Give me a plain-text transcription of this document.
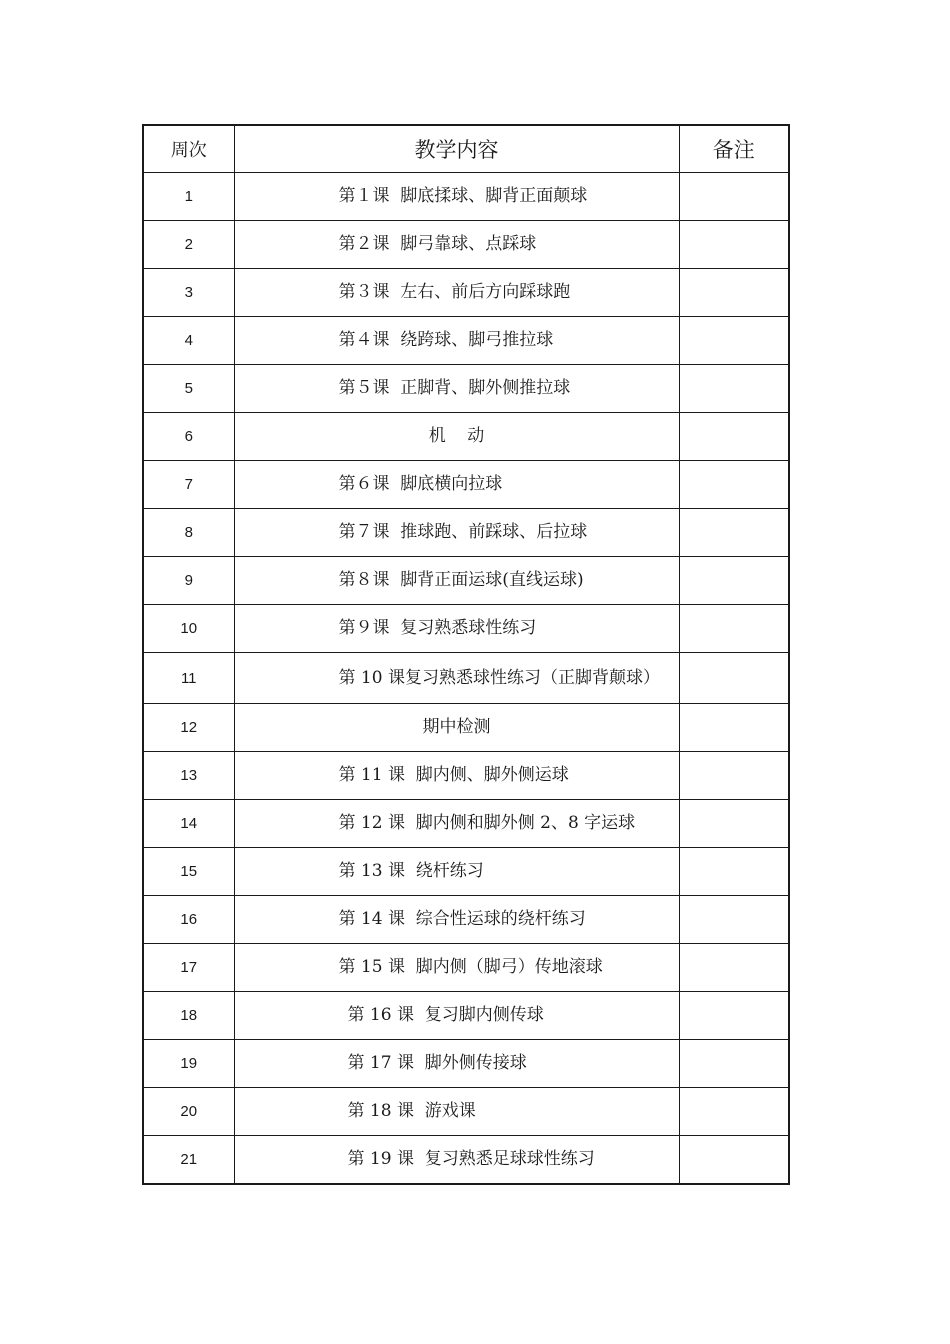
周次	教学内容	备注
1	第１课  脚底揉球、脚背正面颠球	
2	第２课  脚弓靠球、点踩球	
3	第３课  左右、前后方向踩球跑	
4	第４课  绕跨球、脚弓推拉球	
5	第５课  正脚背、脚外侧推拉球	
6	机    动	
7	第６课  脚底横向拉球	
8	第７课  推球跑、前踩球、后拉球	
9	第８课  脚背正面运球(直线运球)	
10	第９课  复习熟悉球性练习	
11	第 10 课复习熟悉球性练习（正脚背颠球）	
12	期中检测	
13	第 11 课  脚内侧、脚外侧运球	
14	第 12 课  脚内侧和脚外侧 2、8 字运球	
15	第 13 课  绕杆练习	
16	第 14 课  综合性运球的绕杆练习	
17	第 15 课  脚内侧（脚弓）传地滚球	
18	第 16 课  复习脚内侧传球	
19	第 17 课  脚外侧传接球	
20	第 18 课  游戏课	
21	第 19 课  复习熟悉足球球性练习	
